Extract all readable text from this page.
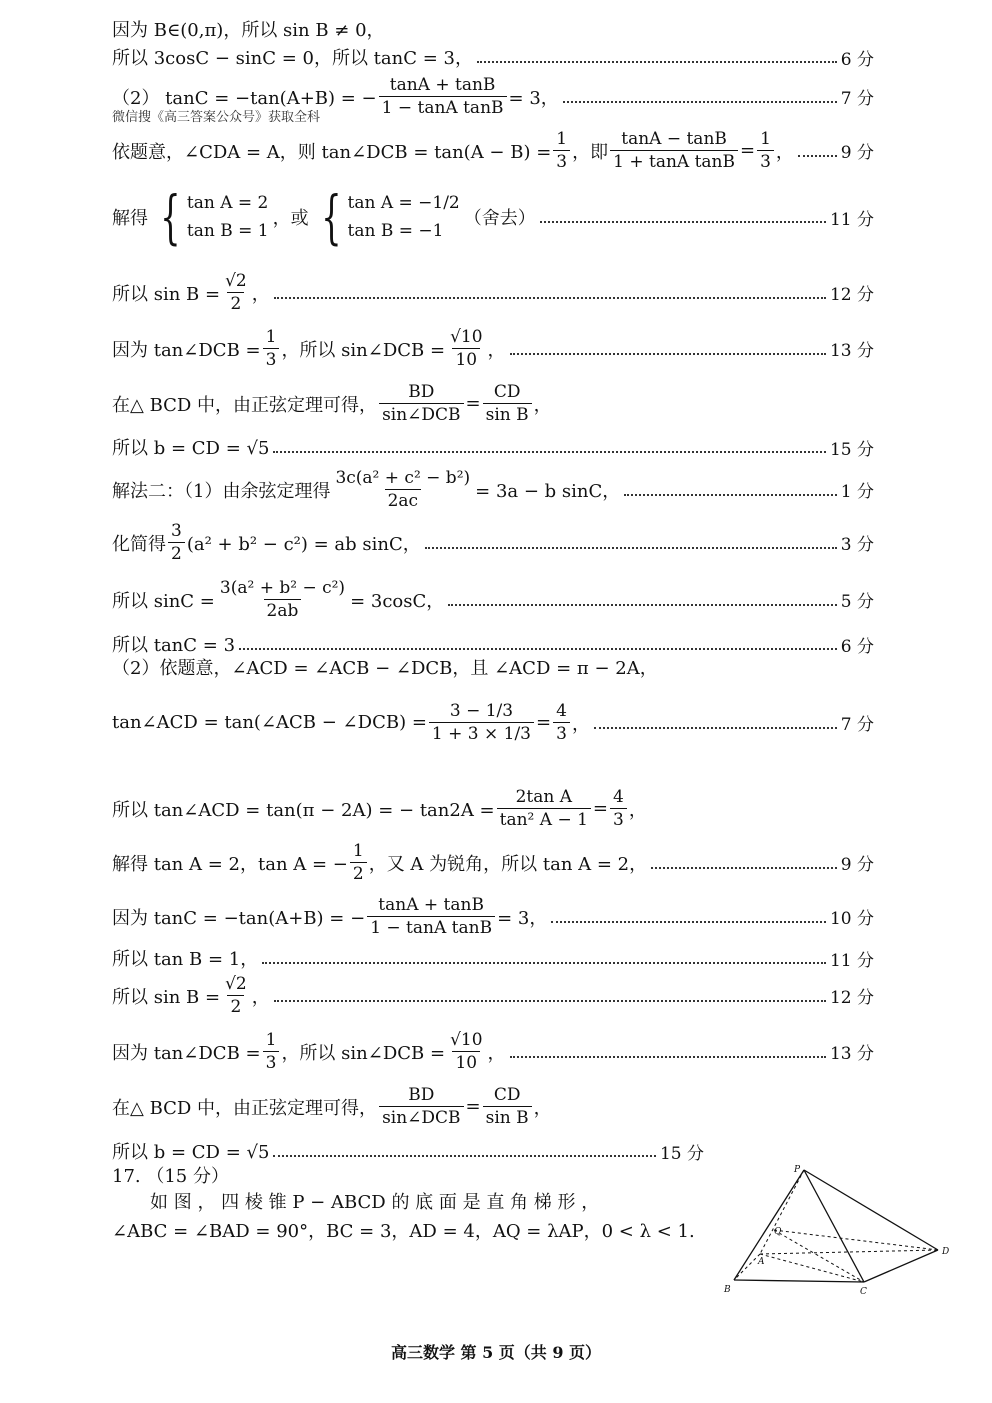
因为 B∈(0,π)，所以 sin B ≠ 0，
所以 3cosC − sinC = 0，所以 tanC = 3，	6 分
（2） tanC = −tan(A+B) = − $\frac{\tan A + \tan B}{\text{1 − tanA tanB}} = 3$，	7 分
微信搜《高三答案公众号》获取全科
依题意，∠CDA = A，则 tan∠DCB = $\tan(A - B) = \frac{1}{3}$ ，即 $\frac{\tan A - \tan B}{\text{1 + tanA tanB}} = \frac{1}{3}$ ，	9 分
解得 { tan A = 2
tan B = 1
，或 { tan A = −1/2
tan B = −1
（舍去）	11 分
所以 $\sin B = \frac{√2}{2}$ ，	12 分
因为 tan∠DCB = $\frac{1}{3}$ ，所以 sin∠DCB = $\frac{√10}{10}$ ，	13 分
在△ BCD 中，由正弦定理可得， $\frac{BD}{\text{sin∠DCB}} = \frac{CD}{\text{sin B}}$ ，
所以 b = CD = √5	15 分
解法二：（1）由余弦定理得 $\frac{\text{3c(a² + c² − b²)}}{2ac} = 3a - b$ sinC，	1 分
化简得 $\frac{3}{2} (a^2 + b^2 - c^2)$ = ab sinC，	3 分
所以 $\sin C = \frac{\text{3(a² + b² − c²)}}{2ab} = 3\cos C$，	5 分
所以 tanC = 3	6 分
（2）依题意，∠ACD = ∠ACB − ∠DCB，且 ∠ACD = π − 2A，
tan∠ACD = tan(∠ACB − ∠DCB) = $\frac{3 - 1/3}{1 + 3 \times 1/3} = \frac{4}{3}$ ，	7 分
所以 tan∠ACD = tan(π − 2A) = − $\tan 2A = \frac{\text{2tan A}}{\text{tan² A − 1}} = \frac{4}{3}$ ，
解得 tan A = 2，tan A = − $\frac{1}{2}$ ，又 A 为锐角，所以 tan A = 2，	9 分
因为 tanC = −tan(A+B) = − $\frac{\tan A + \tan B}{\text{1 − tanA tanB}} = 3$，	10 分
所以 tan B = 1，	11 分
所以 $\sin B = \frac{√2}{2}$ ，	12 分
因为 tan∠DCB = $\frac{1}{3}$ ，所以 sin∠DCB = $\frac{√10}{10}$ ，	13 分
在△ BCD 中，由正弦定理可得， $\frac{BD}{\text{sin∠DCB}} = \frac{CD}{\text{sin B}}$ ，
所以 b = CD = √5	15 分
17. （15 分）
如 图 ， 四 棱 锥 P − ABCD 的 底 面 是 直 角 梯 形 ，
∠ABC = ∠BAD = 90°，BC = 3，AD = 4，AQ = λAP，0 < λ < 1.
P
Q
A
B	C
D
高三数学 第 5 页（共 9 页）
